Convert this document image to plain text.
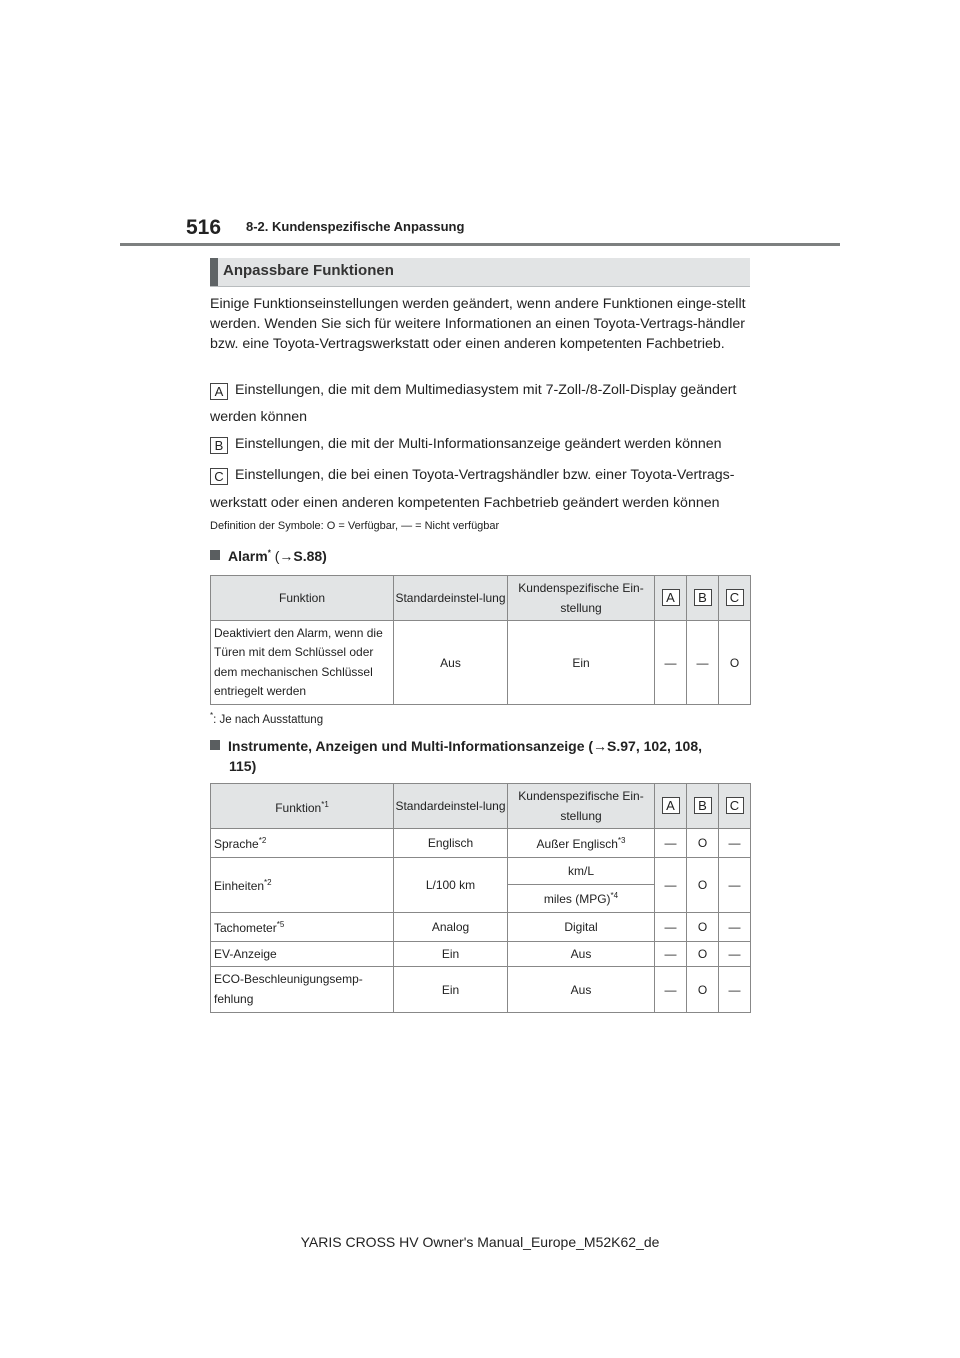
516 8-2. Kundenspezifische Anpassung
Anpassbare Funktionen
Einige Funktionseinstellungen werden geändert, wenn andere Funktionen einge-stellt werden. Wenden Sie sich für weitere Informationen an einen Toyota-Vertrags-händler bzw. eine Toyota-Vertragswerkstatt oder einen anderen kompetenten Fachbetrieb.
A Einstellungen, die mit dem Multimediasystem mit 7-Zoll-/8-Zoll-Display geändert
werden können
B Einstellungen, die mit der Multi-Informationsanzeige geändert werden können
C Einstellungen, die bei einen Toyota-Vertragshändler bzw. einer Toyota-Vertrags-
werkstatt oder einen anderen kompetenten Fachbetrieb geändert werden können
Definition der Symbole: O = Verfügbar, — = Nicht verfügbar
Alarm* (→S.88)
Funktion	Standardeinstel-lung	Kundenspezifische Ein-stellung	A	B	C
Deaktiviert den Alarm, wenn die Türen mit dem Schlüssel oder dem mechanischen Schlüssel entriegelt werden	Aus	Ein	—	—	O
*: Je nach Ausstattung
Instrumente, Anzeigen und Multi-Informationsanzeige (→S.97, 102, 108,
115)
Funktion$^{*1}$	Standardeinstel-lung	Kundenspezifische Ein-stellung	A	B	C
Sprache$^{*2}$	Englisch	Außer Englisch$^{*3}$	—	O	—
Einheiten$^{*2}$	L/100 km	km/L	—	O	—
		miles (MPG)$^{*4}$
Tachometer$^{*5}$	Analog	Digital	—	O	—
EV-Anzeige	Ein	Aus	—	O	—
ECO-Beschleunigungsemp-fehlung	Ein	Aus	—	O	—
YARIS CROSS HV Owner's Manual_Europe_M52K62_de
